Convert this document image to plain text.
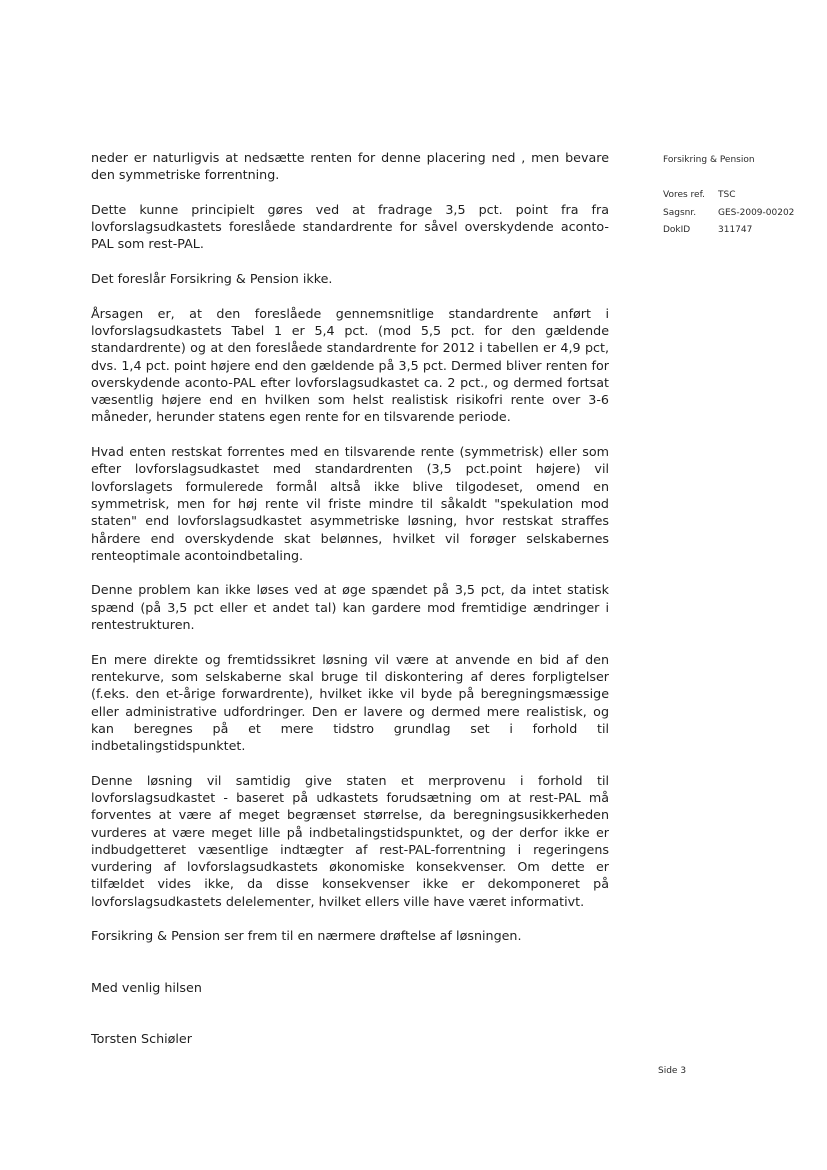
Forsikring & Pension
Vores ref.	TSC
Sagsnr.	GES-2009-00202
DokID	311747

neder er naturligvis at nedsætte renten for denne placering ned , men bevare den symmetriske forrentning.

Dette kunne principielt gøres ved at fradrage 3,5 pct. point fra fra lovforslagsudkastets foreslåede standardrente for såvel overskydende aconto-PAL som rest-PAL.

Det foreslår Forsikring & Pension ikke.

Årsagen er, at den foreslåede gennemsnitlige standardrente anført i lovforslagsudkastets Tabel 1 er 5,4 pct. (mod 5,5 pct. for den gældende standardrente) og at den foreslåede standardrente for 2012 i tabellen er 4,9 pct, dvs. 1,4 pct. point højere end den gældende på 3,5 pct. Dermed bliver renten for overskydende aconto-PAL efter lovforslagsudkastet ca. 2 pct., og dermed fortsat væsentlig højere end en hvilken som helst realistisk risikofri rente over 3-6 måneder, herunder statens egen rente for en tilsvarende periode.

Hvad enten restskat forrentes med en tilsvarende rente (symmetrisk) eller som efter lovforslagsudkastet med standardrenten (3,5 pct.point højere) vil lovforslagets formulerede formål altså ikke blive tilgodeset, omend en symmetrisk, men for høj rente vil friste mindre til såkaldt "spekulation mod staten" end lovforslagsudkastet asymmetriske løsning, hvor restskat straffes hårdere end overskydende skat belønnes, hvilket vil forøger selskabernes renteoptimale acontoindbetaling.

Denne problem kan ikke løses ved at øge spændet på 3,5 pct, da intet statisk spænd (på 3,5 pct eller et andet tal) kan gardere mod fremtidige ændringer i rentestrukturen.

En mere direkte og fremtidssikret løsning vil være at anvende en bid af den rentekurve, som selskaberne skal bruge til diskontering af deres forpligtelser (f.eks. den et-årige forwardrente), hvilket ikke vil byde på beregningsmæssige eller administrative udfordringer. Den er lavere og dermed mere realistisk, og kan beregnes på et mere tidstro grundlag set i forhold til indbetalingstidspunktet.

Denne løsning vil samtidig give staten et merprovenu i forhold til lovforslagsudkastet - baseret på udkastets forudsætning om at rest-PAL må forventes at være af meget begrænset størrelse, da beregningsusikkerheden vurderes at være meget lille på indbetalingstidspunktet, og der derfor ikke er indbudgetteret væsentlige indtægter af rest-PAL-forrentning i regeringens vurdering af lovforslagsudkastets økonomiske konsekvenser. Om dette er tilfældet vides ikke, da disse konsekvenser ikke er dekomponeret på lovforslagsudkastets delelementer, hvilket ellers ville have været informativt.

Forsikring & Pension ser frem til en nærmere drøftelse af løsningen.

Med venlig hilsen

Torsten Schiøler

Side 3
